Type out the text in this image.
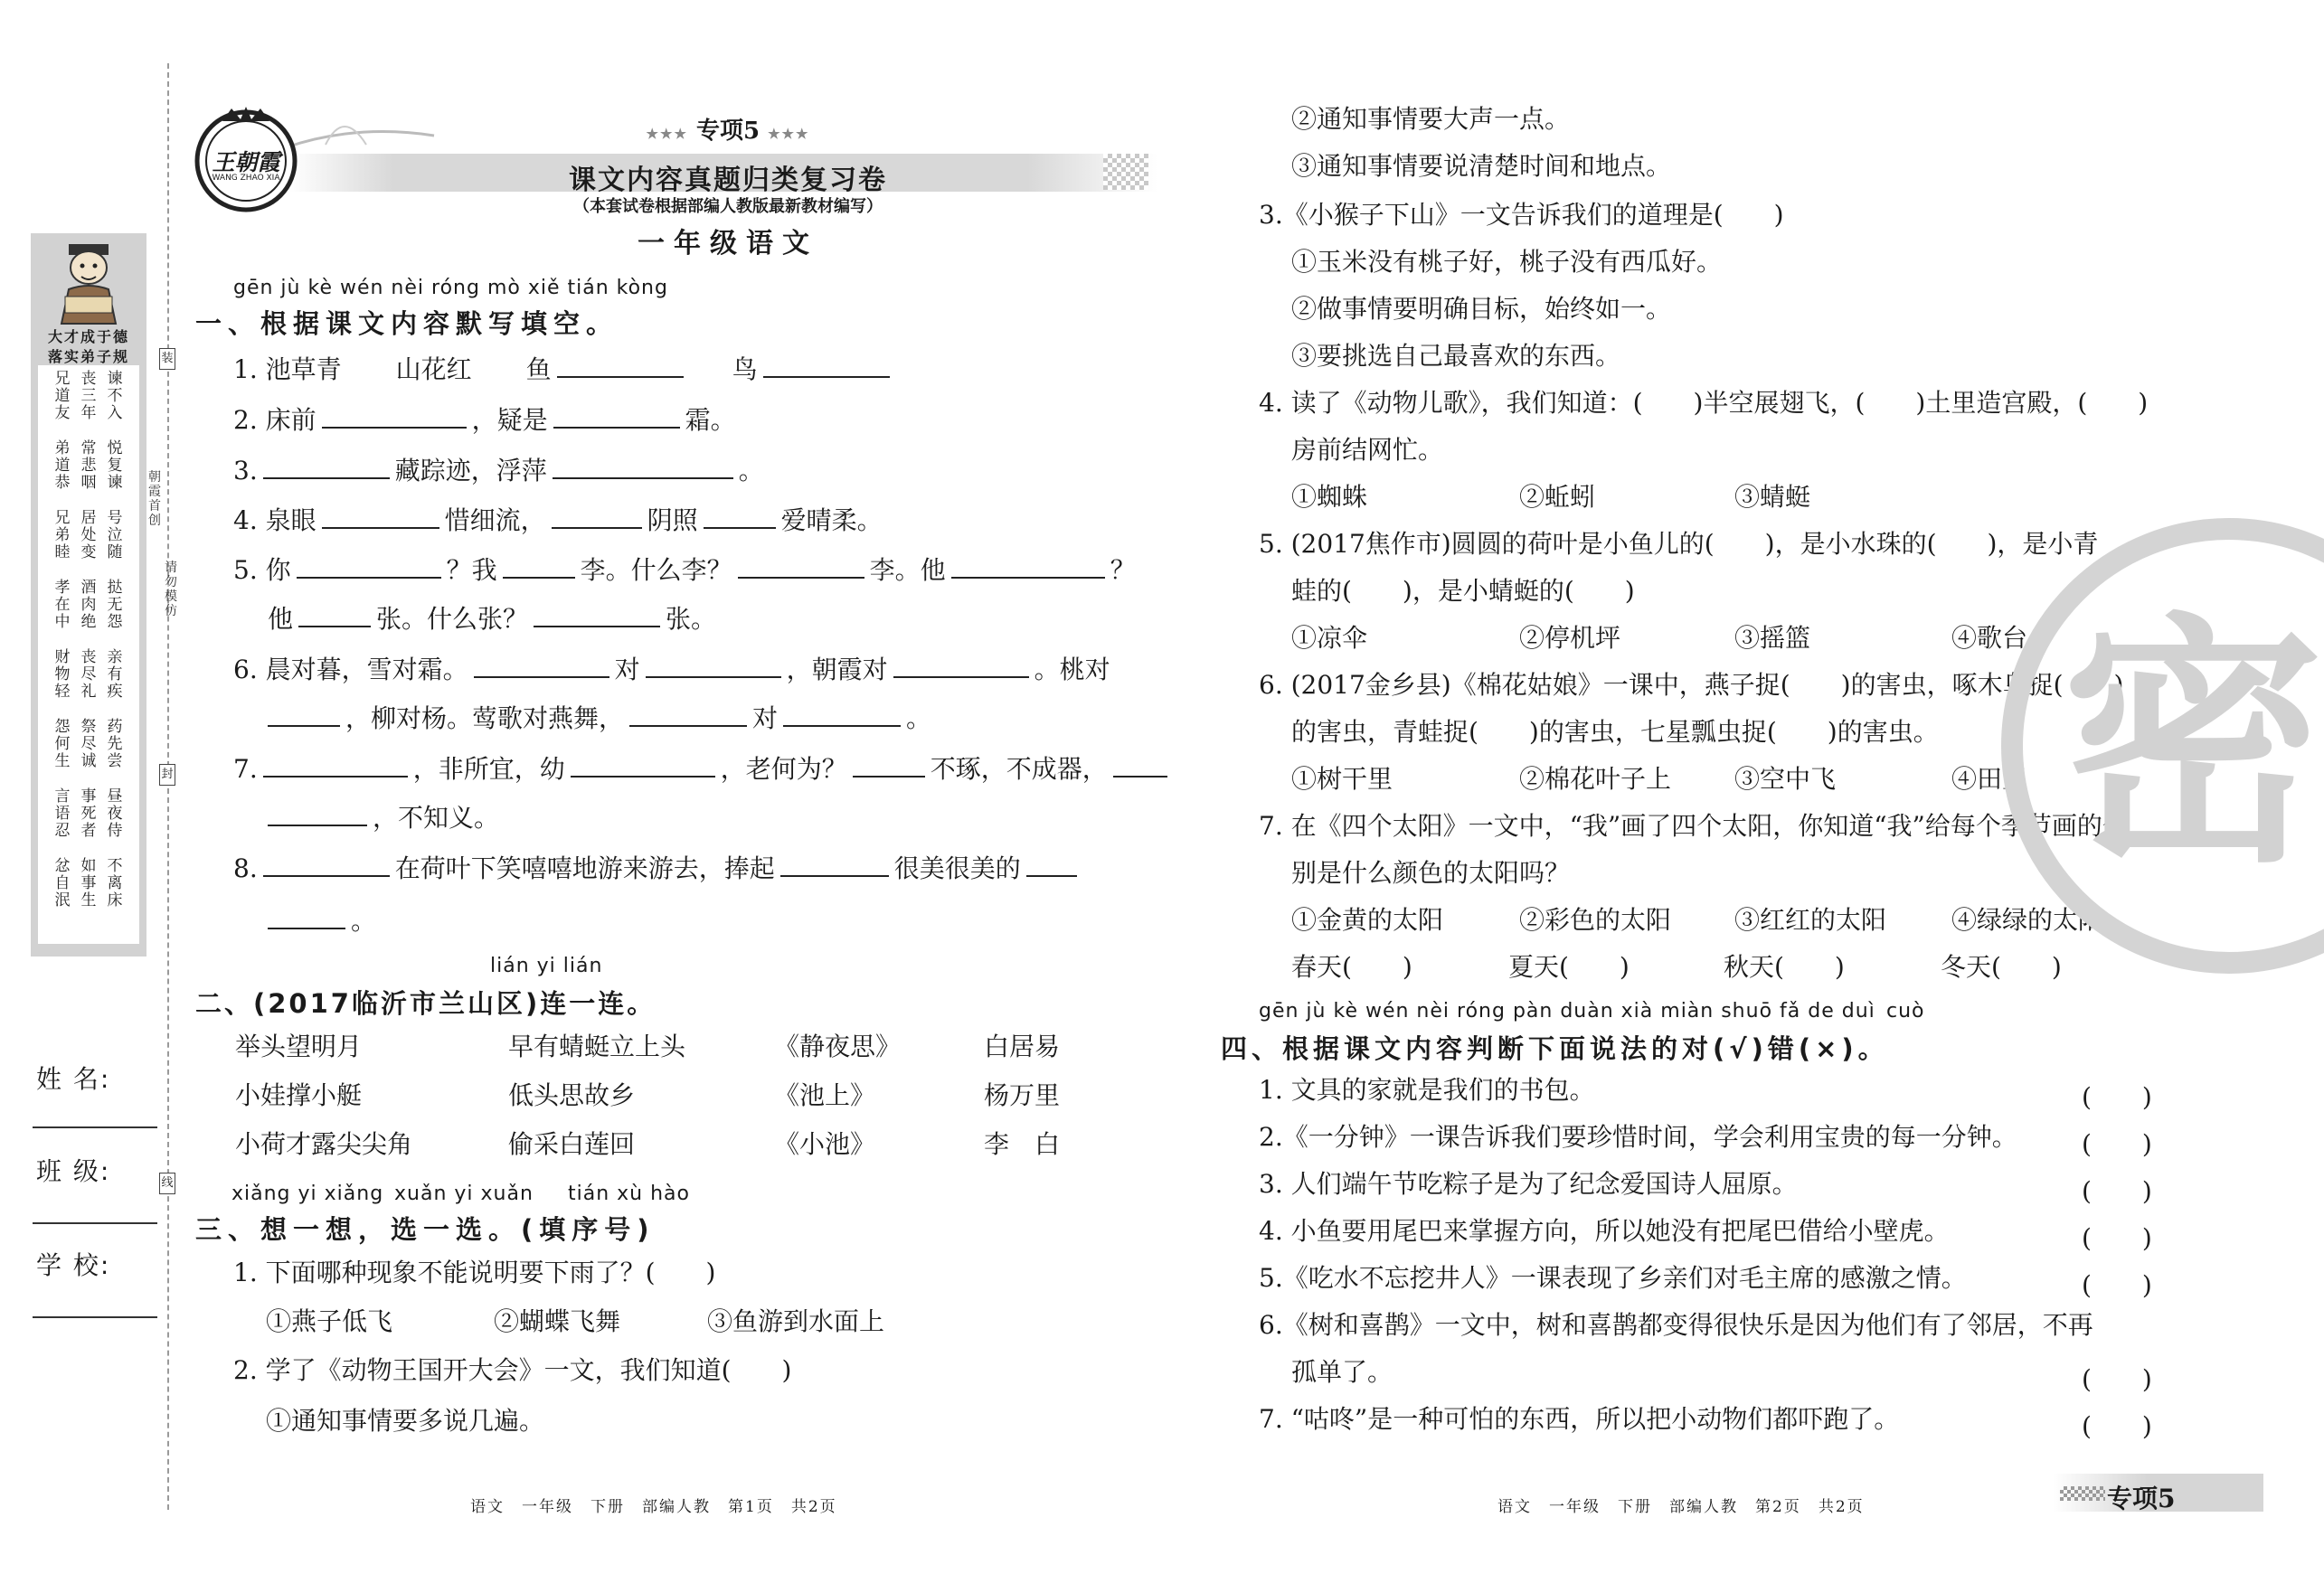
装
封
线
朝霞首创
请勿模仿
大才成于德
落实弟子规
兄道友
丧三年
谏不入
弟道恭
常悲咽
悦复谏
兄弟睦
居处变
号泣随
孝在中
酒肉绝
挞无怨
财物轻
丧尽礼
亲有疾
怨何生
祭尽诚
药先尝
言语忍
事死者
昼夜侍
忿自泯
如事生
不离床
姓 名:
班 级:
学 校:
王朝霞
WANG ZHAO XIA
★★★ 专项5 ★★★
课文内容真题归类复习卷
（本套试卷根据部编人教版最新教材编写）
一年级语文
gēn jù kè wén nèi róng mò xiě tián kòng
一、根据课文内容默写填空。
1. 池草青 山花红 鱼	鸟
2. 床前	，疑是	霜。
3.	藏踪迹，浮萍	。
4. 泉眼	惜细流，	阴照	爱晴柔。
5. 你	？我	李。什么李？	李。他	？
他	张。什么张？	张。
6. 晨对暮，雪对霜。	对	，朝霞对	。桃对
，柳对杨。莺歌对燕舞，	对	。
7.	，非所宜，幼	，老何为？	不琢，不成器，
，不知义。
8.	在荷叶下笑嘻嘻地游来游去，捧起	很美很美的
。
lián yi lián
二、(2017临沂市兰山区)连一连。
举头望明月	早有蜻蜓立上头	《静夜思》	白居易
小娃撑小艇	低头思故乡	《池上》	杨万里
小荷才露尖尖角	偷采白莲回	《小池》	李　白
xiǎng yi xiǎng xuǎn yi xuǎn tián xù hào
三、想一想，选一选。(填序号)
1. 下面哪种现象不能说明要下雨了？(　　)
①燕子低飞	②蝴蝶飞舞	③鱼游到水面上
2. 学了《动物王国开大会》一文，我们知道(　　)
①通知事情要多说几遍。
②通知事情要大声一点。
③通知事情要说清楚时间和地点。
3.《小猴子下山》一文告诉我们的道理是(　　)
①玉米没有桃子好，桃子没有西瓜好。
②做事情要明确目标，始终如一。
③要挑选自己最喜欢的东西。
4. 读了《动物儿歌》，我们知道：(　　)半空展翅飞，(　　)土里造宫殿，(　　)
房前结网忙。
①蜘蛛	②蚯蚓	③蜻蜓
5. (2017焦作市)圆圆的荷叶是小鱼儿的(　　)，是小水珠的(　　)，是小青
蛙的(　　)，是小蜻蜓的(　　)
①凉伞	②停机坪	③摇篮	④歌台
6. (2017金乡县)《棉花姑娘》一课中，燕子捉(　　)的害虫，啄木鸟捉(　　)
的害虫，青蛙捉(　　)的害虫，七星瓢虫捉(　　)的害虫。
①树干里	②棉花叶子上 ③空中飞	④田里
7. 在《四个太阳》一文中，“我”画了四个太阳，你知道“我”给每个季节画的分
别是什么颜色的太阳吗？
①金黄的太阳	②彩色的太阳 ③红红的太阳	④绿绿的太阳
春天(　　)	夏天(　　)	秋天(　　)	冬天(　　)
gēn jù kè wén nèi róng pàn duàn xià miàn shuō fǎ de duì cuò
四、根据课文内容判断下面说法的对(√)错(×)。
1. 文具的家就是我们的书包。	(　　)
2.《一分钟》一课告诉我们要珍惜时间，学会利用宝贵的每一分钟。	(　　)
3. 人们端午节吃粽子是为了纪念爱国诗人屈原。	(　　)
4. 小鱼要用尾巴来掌握方向，所以她没有把尾巴借给小壁虎。	(　　)
5.《吃水不忘挖井人》一课表现了乡亲们对毛主席的感激之情。	(　　)
6.《树和喜鹊》一文中，树和喜鹊都变得很快乐是因为他们有了邻居，不再
孤单了。	(　　)
7. “咕咚”是一种可怕的东西，所以把小动物们都吓跑了。	(　　)
密
语文　一年级　下册　部编人教　第1页　共2页	语文　一年级　下册　部编人教　第2页　共2页	专项5
